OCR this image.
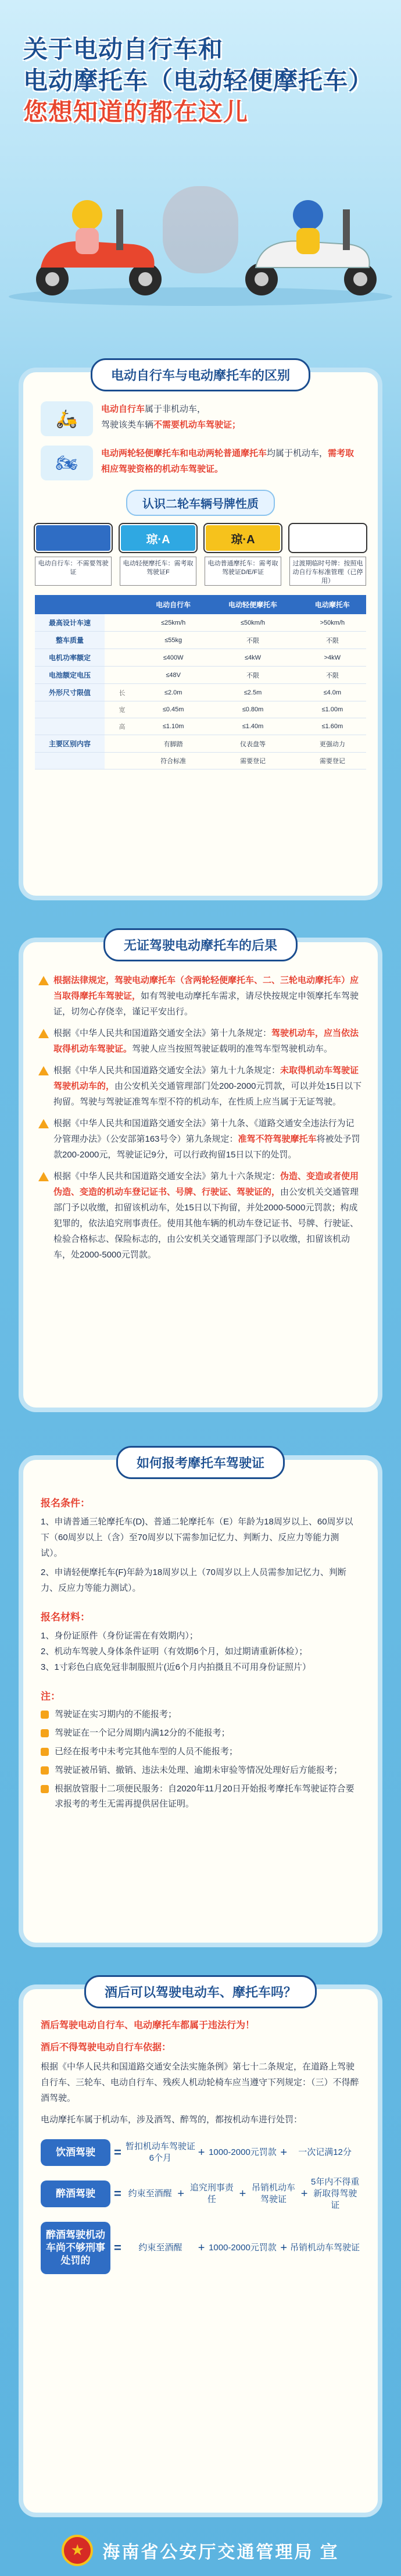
关于电动自行车和
电动摩托车（电动轻便摩托车）
您想知道的都在这儿
电动自行车与电动摩托车的区别
🛵	电动自行车属于非机动车，
驾驶该类车辆不需要机动车驾驶证；
🏍	电动两轮轻便摩托车和电动两轮普通摩托车均属于机动车，需考取相应驾驶资格的机动车驾驶证。
认识二轮车辆号牌性质
电动自行车：不需要驾驶证
琼·A
电动轻便摩托车：需考取驾驶证F
琼·A
电动普通摩托车：需考取驾驶证D/E/F证
过渡期临时号牌：按照电动自行车标准管理（已停用）
		电动自行车	电动轻便摩托车	电动摩托车
最高设计车速		≤25km/h	≤50km/h	>50km/h
整车质量		≤55kg	不限	不限
电机功率额定		≤400W	≤4kW	>4kW
电池额定电压		≤48V	不限	不限
外形尺寸限值	长	≤2.0m	≤2.5m	≤4.0m
	宽	≤0.45m	≤0.80m	≤1.00m
	高	≤1.10m	≤1.40m	≤1.60m
主要区别内容		有脚踏	仪表盘等	更强动力
		符合标准	需要登记	需要登记
无证驾驶电动摩托车的后果
根据法律规定，驾驶电动摩托车（含两轮轻便摩托车、二、三轮电动摩托车）应当取得摩托车驾驶证，如有驾驶电动摩托车需求，请尽快按规定申领摩托车驾驶证，切勿心存侥幸，谨记平安出行。
根据《中华人民共和国道路交通安全法》第十九条规定：驾驶机动车，应当依法取得机动车驾驶证。驾驶人应当按照驾驶证载明的准驾车型驾驶机动车。
根据《中华人民共和国道路交通安全法》第九十九条规定：未取得机动车驾驶证驾驶机动车的，由公安机关交通管理部门处200-2000元罚款，可以并处15日以下拘留。驾驶与驾驶证准驾车型不符的机动车，在性质上应当属于无证驾驶。
根据《中华人民共和国道路交通安全法》第十九条、《道路交通安全违法行为记分管理办法》（公安部第163号令）第九条规定：准驾不符驾驶摩托车将被处予罚款200-2000元，驾驶证记9分，可以行政拘留15日以下的处罚。
根据《中华人民共和国道路交通安全法》第九十六条规定：伪造、变造或者使用伪造、变造的机动车登记证书、号牌、行驶证、驾驶证的，由公安机关交通管理部门予以收缴，扣留该机动车，处15日以下拘留，并处2000-5000元罚款；构成犯罪的，依法追究刑事责任。使用其他车辆的机动车登记证书、号牌、行驶证、检验合格标志、保险标志的，由公安机关交通管理部门予以收缴，扣留该机动车，处2000-5000元罚款。
如何报考摩托车驾驶证
报名条件：
1、申请普通三轮摩托车(D)、普通二轮摩托车（E）年龄为18周岁以上、60周岁以下（60周岁以上（含）至70周岁以下需参加记忆力、判断力、反应力等能力测试）。
2、申请轻便摩托车(F)年龄为18周岁以上（70周岁以上人员需参加记忆力、判断力、反应力等能力测试）。
报名材料：
1、身份证原件（身份证需在有效期内）；
2、机动车驾驶人身体条件证明（有效期6个月，如过期请重新体检）；
3、1寸彩色白底免冠非制服照片(近6个月内拍摄且不可用身份证照片）
注：
驾驶证在实习期内的不能报考；
驾驶证在一个记分周期内满12分的不能报考；
已经在报考中未考完其他车型的人员不能报考；
驾驶证被吊销、撤销、违法未处理、逾期未审验等情况处理好后方能报考；
根据放管服十二项便民服务：自2020年11月20日开始报考摩托车驾驶证符合要求报考的考生无需再提供居住证明。
酒后可以驾驶电动车、摩托车吗？
酒后驾驶电动自行车、电动摩托车都属于违法行为！
酒后不得驾驶电动自行车依据：
根据《中华人民共和国道路交通安全法实施条例》第七十二条规定，在道路上驾驶自行车、三轮车、电动自行车、残疾人机动轮椅车应当遵守下列规定：（三）不得醉酒驾驶。
电动摩托车属于机动车，涉及酒驾、醉驾的，都按机动车进行处罚：
饮酒驾驶	= 暂扣机动车驾驶证6个月	+ 1000-2000元罚款 +	一次记满12分
醉酒驾驶	= 约束至酒醒 + 追究刑事责任	+ 吊销机动车驾驶证	+
5年内不得重新取得驾驶证
醉酒驾驶机动车尚不够刑事处罚的
=	约束至酒醒	+ 1000-2000元罚款 + 吊销机动车驾驶证
★	海南省公安厅交通管理局 宣
